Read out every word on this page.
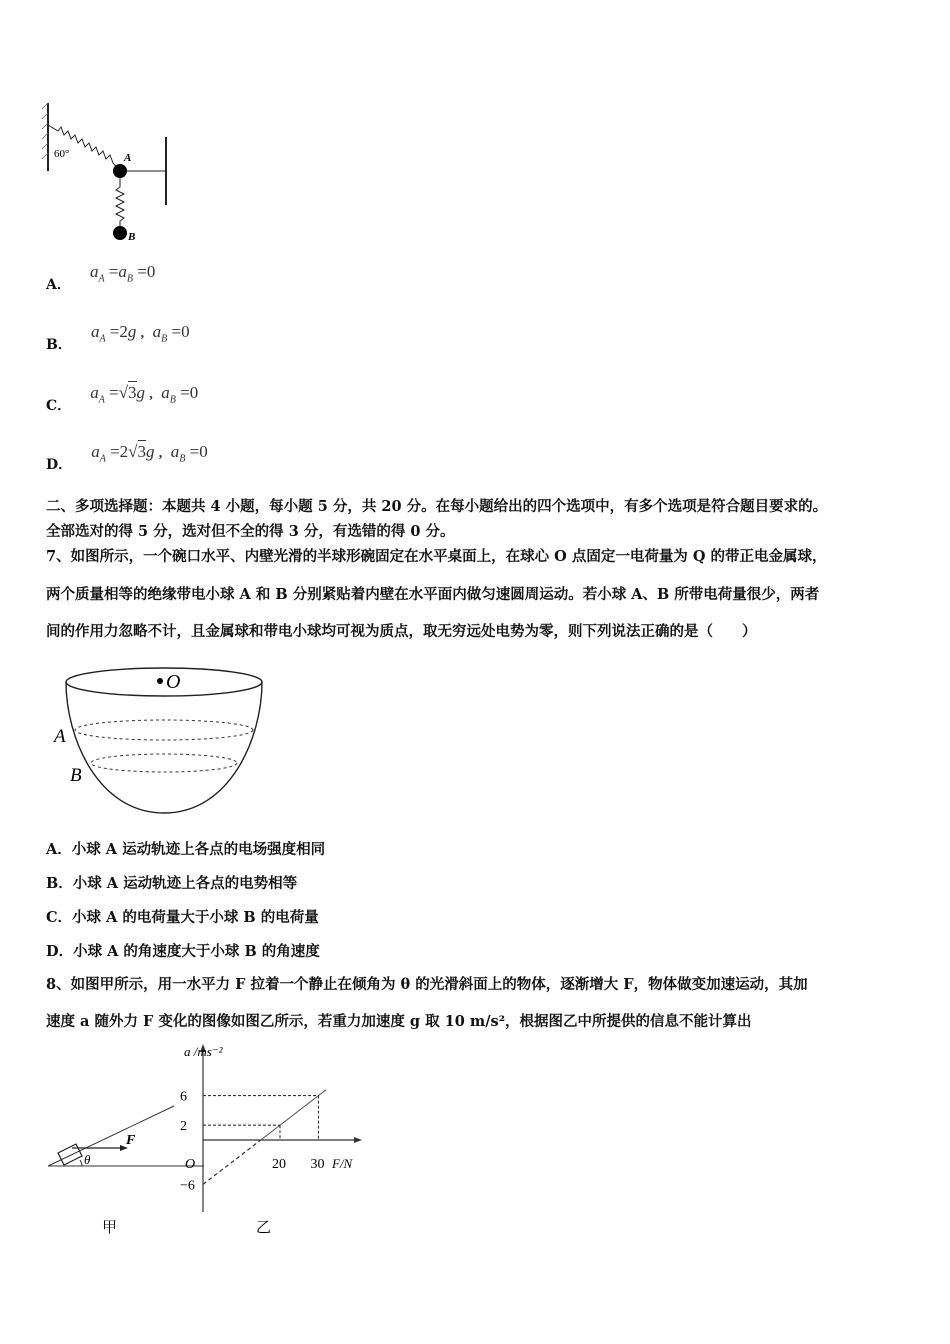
60°	A
B
A． $a_A =a_B =0$
B． $a_A =2g$ ,  $a_B =0$
C． $a_A =√3g$ ,  $a_B =0$
D． $a_A =2√3g$ ,  $a_B =0$
二、多项选择题：本题共 4 小题，每小题 5 分，共 20 分。在每小题给出的四个选项中，有多个选项是符合题目要求的。
全部选对的得 5 分，选对但不全的得 3 分，有选错的得 0 分。
7、如图所示，一个碗口水平、内壁光滑的半球形碗固定在水平桌面上，在球心 O 点固定一电荷量为 Q 的带正电金属球，
两个质量相等的绝缘带电小球 A 和 B 分别紧贴着内壁在水平面内做匀速圆周运动。若小球 A、B 所带电荷量很少，两者
间的作用力忽略不计，且金属球和带电小球均可视为质点，取无穷远处电势为零，则下列说法正确的是（　　）
O
A
B
A．小球 A 运动轨迹上各点的电场强度相同
B．小球 A 运动轨迹上各点的电势相等
C．小球 A 的电荷量大于小球 B 的电荷量
D．小球 A 的角速度大于小球 B 的角速度
8、如图甲所示，用一水平力 F 拉着一个静止在倾角为 θ 的光滑斜面上的物体，逐渐增大 F，物体做变加速运动，其加
速度 a 随外力 F 变化的图像如图乙所示，若重力加速度 g 取 10 m/s²，根据图乙中所提供的信息不能计算出
F
θ
甲
a /ms⁻²
F/N
O
乙
6
2
−6
20 30
